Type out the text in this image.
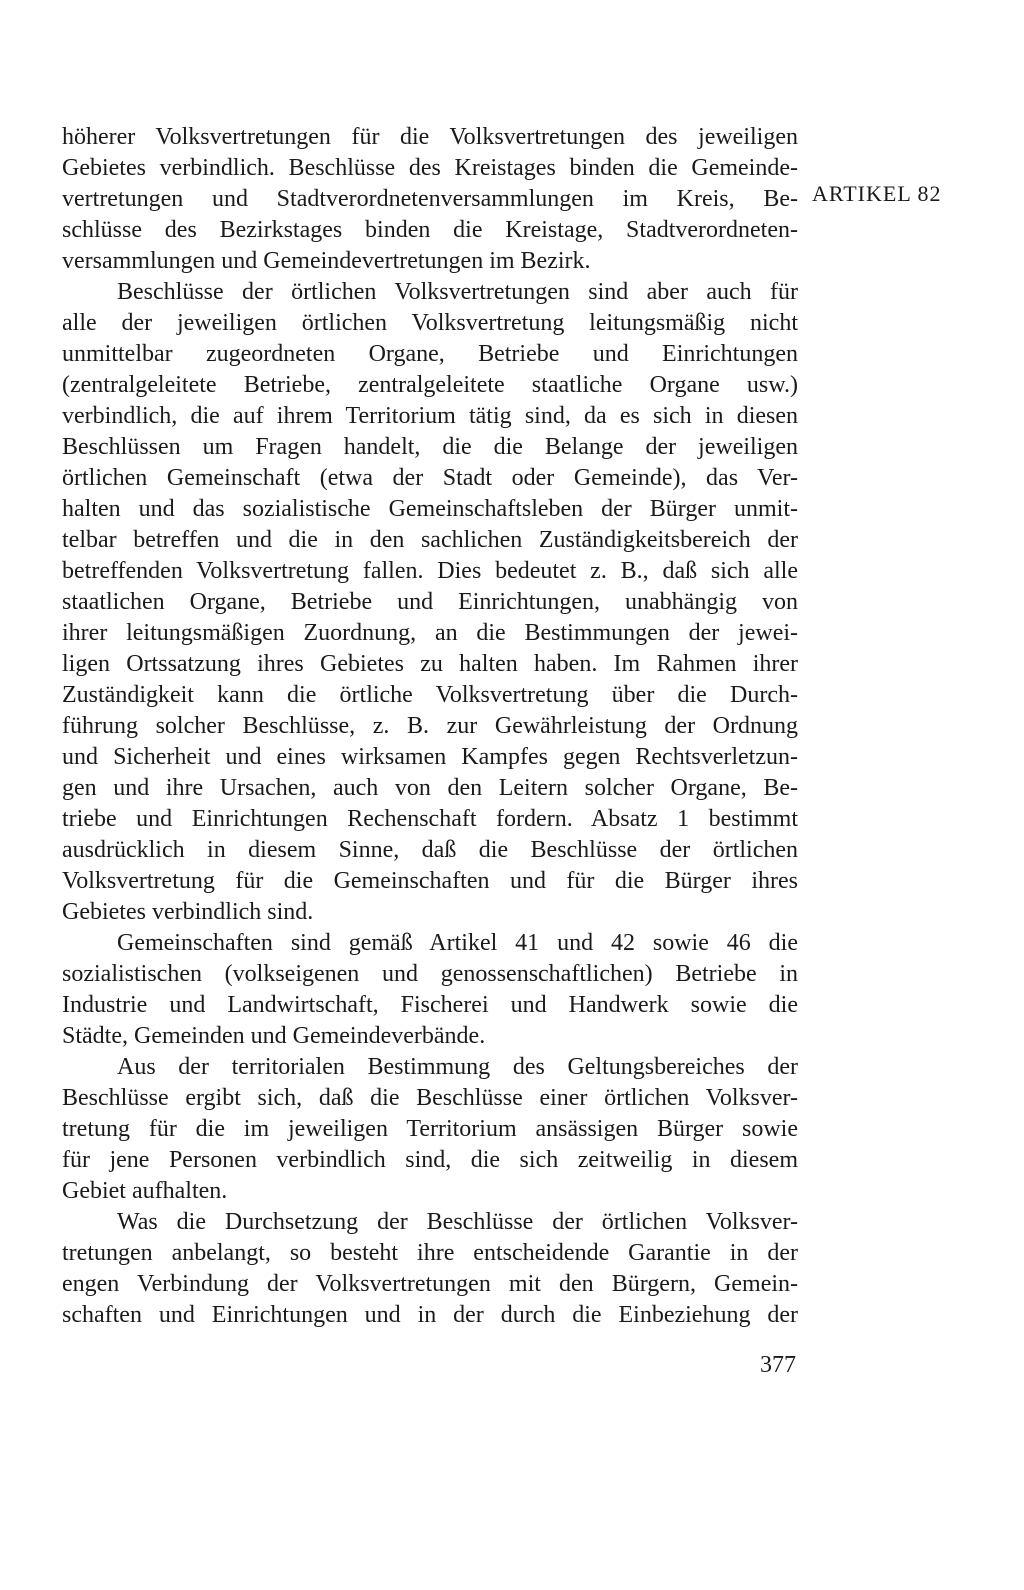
höherer Volksvertretungen für die Volksvertretungen des jeweiligen
Gebietes verbindlich. Beschlüsse des Kreistages binden die Gemeinde-
vertretungen und Stadtverordnetenversammlungen im Kreis, Be-
schlüsse des Bezirkstages binden die Kreistage, Stadtverordneten-
versammlungen und Gemeindevertretungen im Bezirk.
Beschlüsse der örtlichen Volksvertretungen sind aber auch für
alle der jeweiligen örtlichen Volksvertretung leitungsmäßig nicht
unmittelbar zugeordneten Organe, Betriebe und Einrichtungen
(zentralgeleitete Betriebe, zentralgeleitete staatliche Organe usw.)
verbindlich, die auf ihrem Territorium tätig sind, da es sich in diesen
Beschlüssen um Fragen handelt, die die Belange der jeweiligen
örtlichen Gemeinschaft (etwa der Stadt oder Gemeinde), das Ver-
halten und das sozialistische Gemeinschaftsleben der Bürger unmit-
telbar betreffen und die in den sachlichen Zuständigkeitsbereich der
betreffenden Volksvertretung fallen. Dies bedeutet z. B., daß sich alle
staatlichen Organe, Betriebe und Einrichtungen, unabhängig von
ihrer leitungsmäßigen Zuordnung, an die Bestimmungen der jewei-
ligen Ortssatzung ihres Gebietes zu halten haben. Im Rahmen ihrer
Zuständigkeit kann die örtliche Volksvertretung über die Durch-
führung solcher Beschlüsse, z. B. zur Gewährleistung der Ordnung
und Sicherheit und eines wirksamen Kampfes gegen Rechtsverletzun-
gen und ihre Ursachen, auch von den Leitern solcher Organe, Be-
triebe und Einrichtungen Rechenschaft fordern. Absatz 1 bestimmt
ausdrücklich in diesem Sinne, daß die Beschlüsse der örtlichen
Volksvertretung für die Gemeinschaften und für die Bürger ihres
Gebietes verbindlich sind.
Gemeinschaften sind gemäß Artikel 41 und 42 sowie 46 die
sozialistischen (volkseigenen und genossenschaftlichen) Betriebe in
Industrie und Landwirtschaft, Fischerei und Handwerk sowie die
Städte, Gemeinden und Gemeindeverbände.
Aus der territorialen Bestimmung des Geltungsbereiches der
Beschlüsse ergibt sich, daß die Beschlüsse einer örtlichen Volksver-
tretung für die im jeweiligen Territorium ansässigen Bürger sowie
für jene Personen verbindlich sind, die sich zeitweilig in diesem
Gebiet aufhalten.
Was die Durchsetzung der Beschlüsse der örtlichen Volksver-
tretungen anbelangt, so besteht ihre entscheidende Garantie in der
engen Verbindung der Volksvertretungen mit den Bürgern, Gemein-
schaften und Einrichtungen und in der durch die Einbeziehung der
ARTIKEL 82
377
